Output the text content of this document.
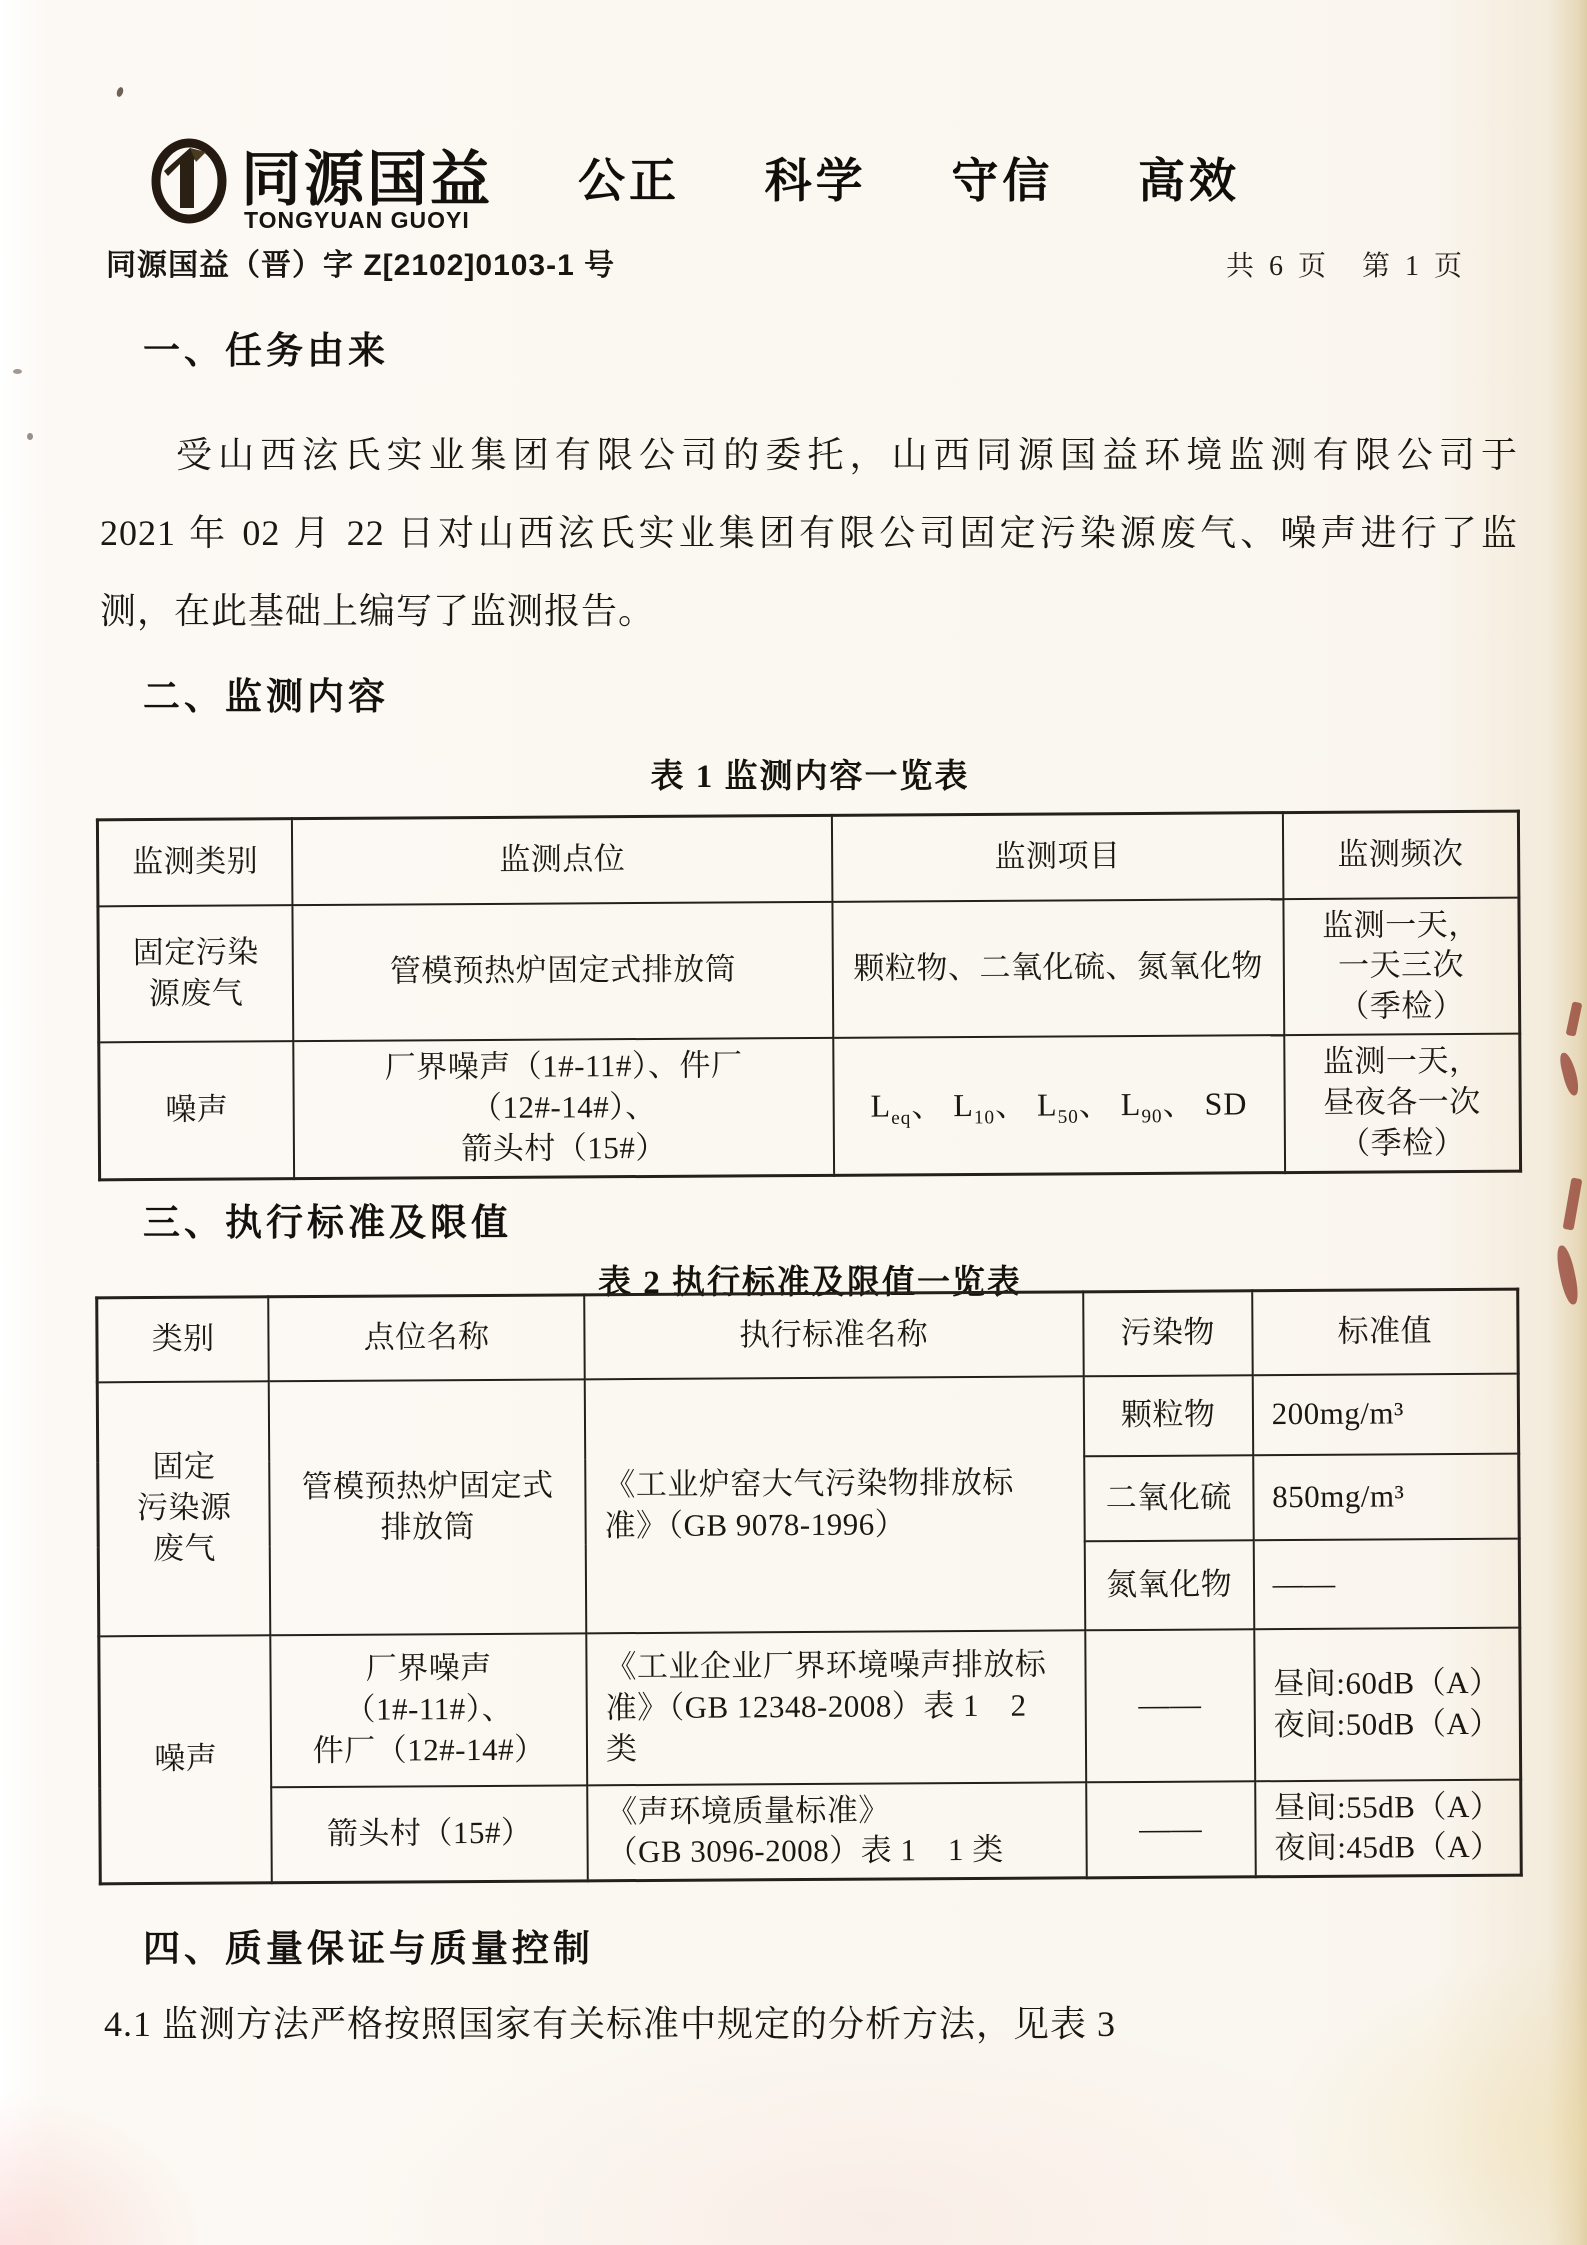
同源国益
TONGYUAN GUOYI
公正 科学 守信 高效
同源国益（晋）字 Z[2102]0103-1 号	共 6 页　第 1 页
一、任务由来
受山西泫氏实业集团有限公司的委托，山西同源国益环境监测有限公司于
2021 年 02 月 22 日对山西泫氏实业集团有限公司固定污染源废气、噪声进行了监
测，在此基础上编写了监测报告。
二、监测内容
表 1 监测内容一览表
监测类别	监测点位	监测项目	监测频次
固定污染
源废气	管模预热炉固定式排放筒	颗粒物、二氧化硫、氮氧化物	监测一天，
一天三次
（季检）
噪声	厂界噪声（1#-11#）、件厂（12#-14#）、
箭头村（15#）	$L_{eq}$、 $L_{10}$、 $L_{50}$、 $L_{90}$、 SD	监测一天，
昼夜各一次
（季检）
三、执行标准及限值
表 2 执行标准及限值一览表
类别	点位名称	执行标准名称	污染物	标准值
固定
污染源
废气	管模预热炉固定式
排放筒	《工业炉窑大气污染物排放标
准》（GB 9078-1996）	颗粒物	200mg/m³
			二氧化硫	850mg/m³
			氮氧化物	——
噪声	厂界噪声（1#-11#）、
件厂（12#-14#）	《工业企业厂界环境噪声排放标
准》（GB 12348-2008）表 1　2
类	——	昼间:60dB（A）
夜间:50dB（A）
	箭头村（15#）	《声环境质量标准》
（GB 3096-2008）表 1　1 类	——	昼间:55dB（A）
夜间:45dB（A）
四、质量保证与质量控制
4.1 监测方法严格按照国家有关标准中规定的分析方法，见表 3
